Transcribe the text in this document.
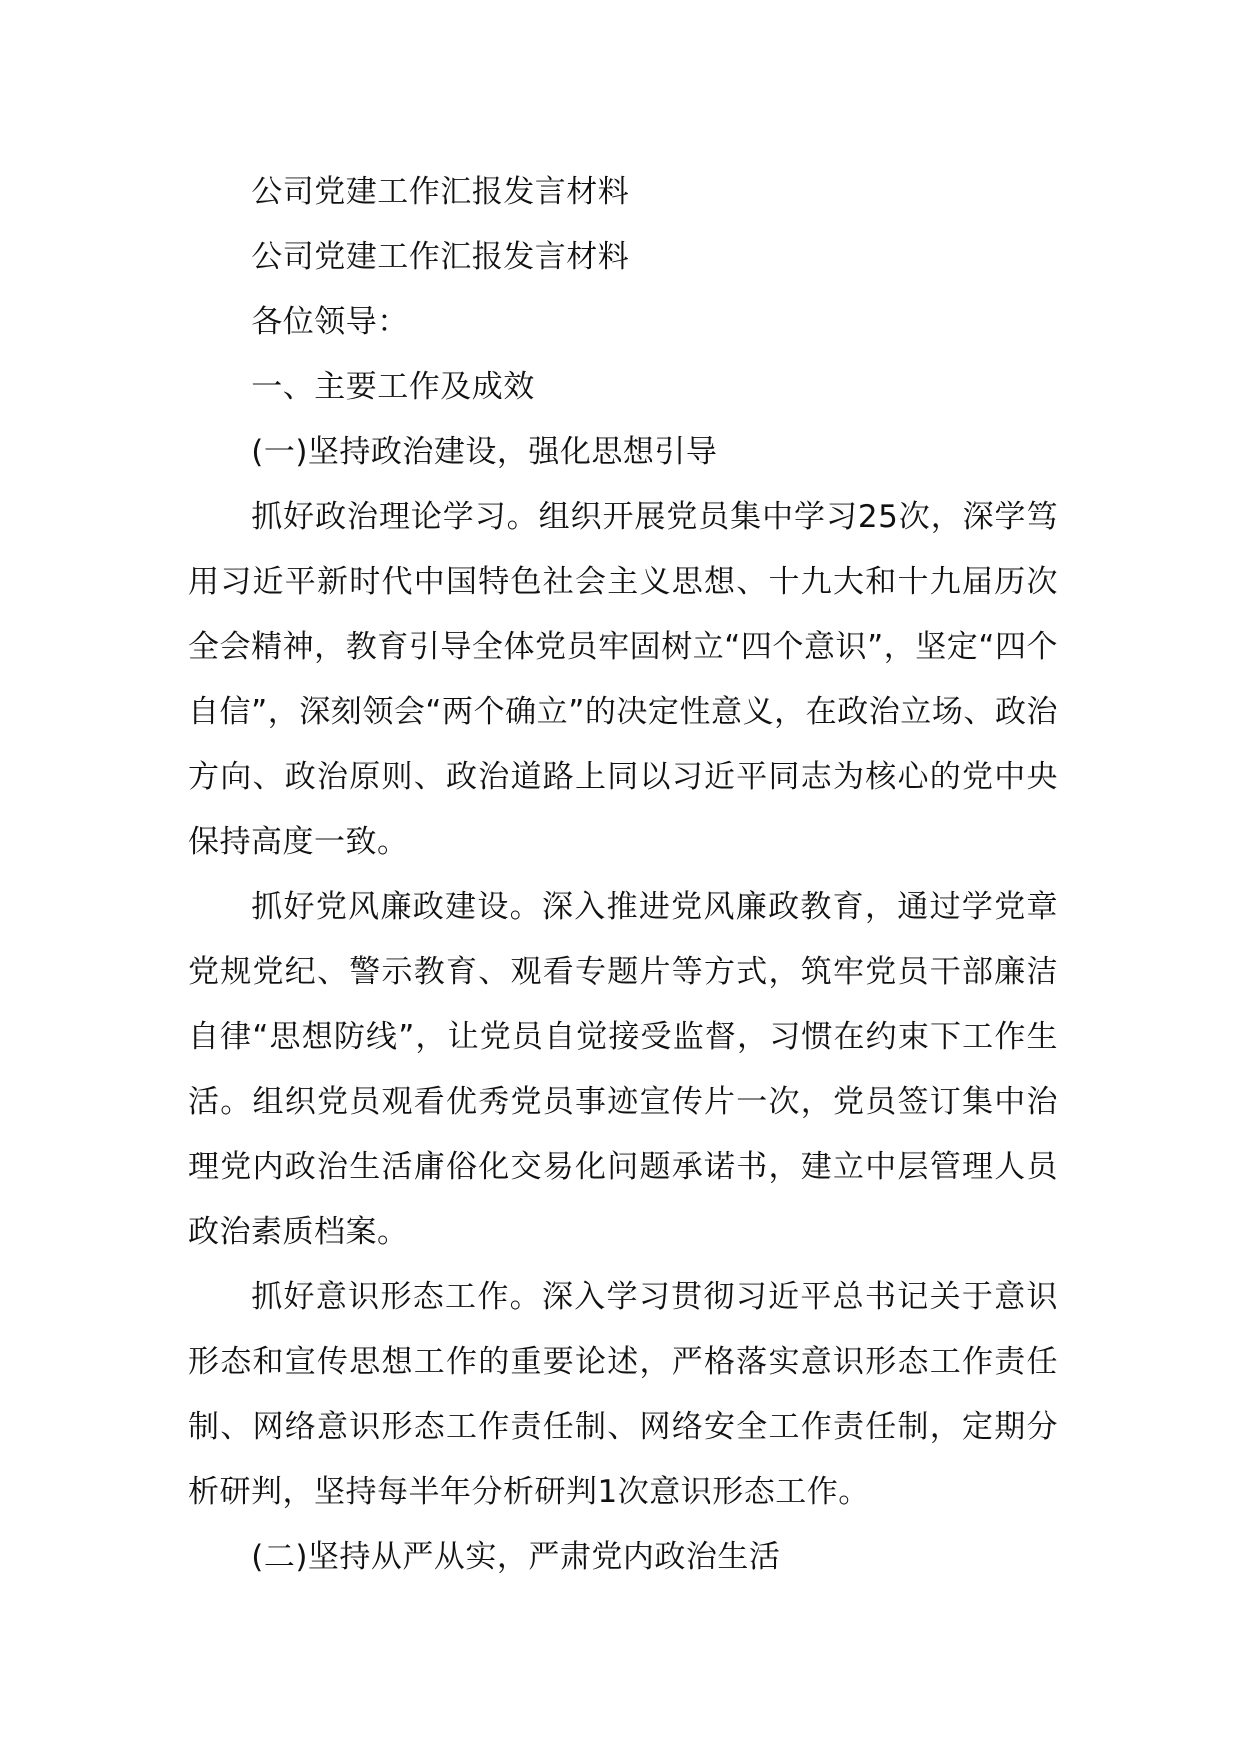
公司党建工作汇报发言材料

公司党建工作汇报发言材料

各位领导：

一、主要工作及成效

(一)坚持政治建设，强化思想引导

抓好政治理论学习。组织开展党员集中学习25次，深学笃用习近平新时代中国特色社会主义思想、十九大和十九届历次全会精神，教育引导全体党员牢固树立“四个意识”，坚定“四个自信”，深刻领会“两个确立”的决定性意义，在政治立场、政治方向、政治原则、政治道路上同以习近平同志为核心的党中央保持高度一致。

抓好党风廉政建设。深入推进党风廉政教育，通过学党章党规党纪、警示教育、观看专题片等方式，筑牢党员干部廉洁自律“思想防线”，让党员自觉接受监督，习惯在约束下工作生活。组织党员观看优秀党员事迹宣传片一次，党员签订集中治理党内政治生活庸俗化交易化问题承诺书，建立中层管理人员政治素质档案。

抓好意识形态工作。深入学习贯彻习近平总书记关于意识形态和宣传思想工作的重要论述，严格落实意识形态工作责任制、网络意识形态工作责任制、网络安全工作责任制，定期分析研判，坚持每半年分析研判1次意识形态工作。

(二)坚持从严从实，严肃党内政治生活
